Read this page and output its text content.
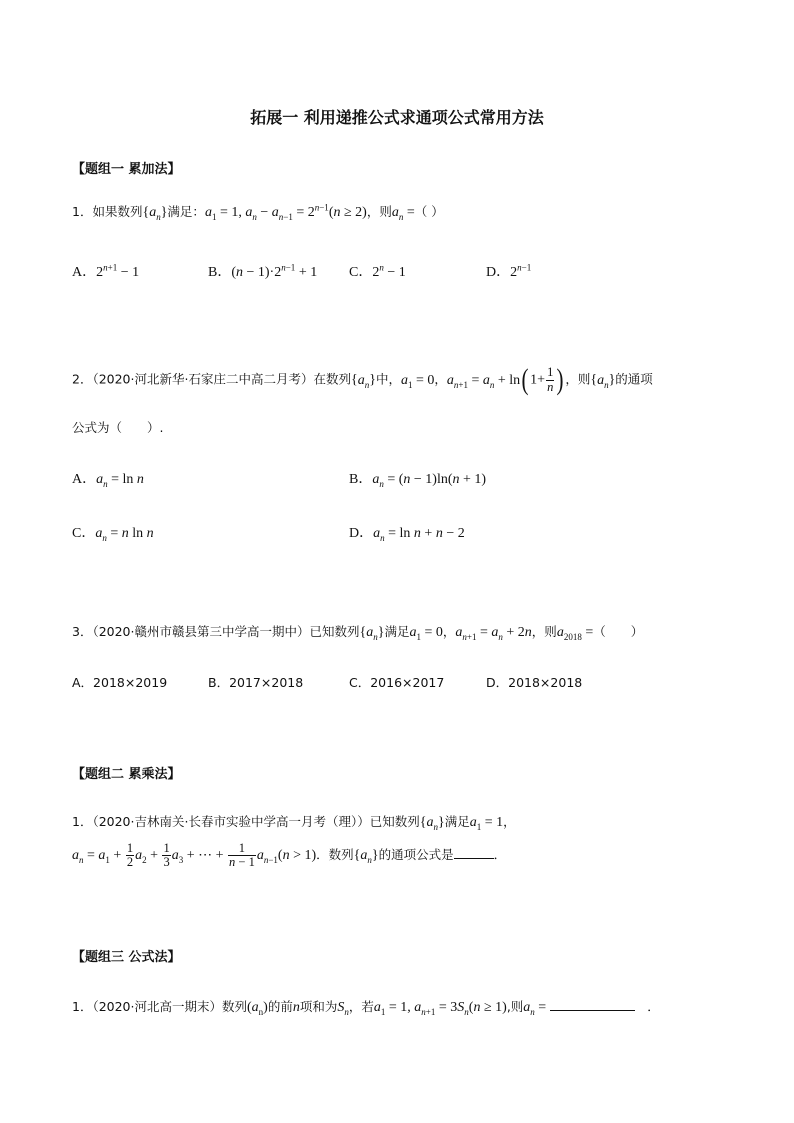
拓展一 利用递推公式求通项公式常用方法
【题组一 累加法】
1．如果数列$\{a_n\}$满足：$a_1 = 1$, $a_n - a_{n-1} = 2^{n-1}(n \ge 2)$，则$a_n$ =（ ）
A．$2^{n+1} - 1$	B．$(n - 1)\cdot 2^{n-1} + 1$ C．$2^n - 1$	D．$2^{n-1}$
2．（2020·河北新华·石家庄二中高二月考）在数列$\{a_n\}$中，$a_1 = 0$，$a_{n+1} = a_n + \ln$( $1+ \frac{1}{n}$ ) ，则$\{a_n\}$的通项
公式为（　　）.
A．$a_n = \ln n$	B．$a_n = (n - 1)\ln(n + 1)$
C．$a_n = n$ ln n	D．$a_n = \ln n + n - 2$
3．（2020·赣州市赣县第三中学高一期中）已知数列$\{a_n\}$满足$a_1 = 0$，$a_{n+1} = a_n + 2n$，则$a_{2018}$ =（　　）
A．2018×2019	B．2017×2018	C．2016×2017	D．2018×2018
【题组二 累乘法】
1．（2020·吉林南关·长春市实验中学高一月考（理））已知数列$\{a_n\}$满足$a_1 = 1$，
$a_n = a_1 + \frac{1}{2} a_2 + \frac{1}{3} a_3$ + ⋯ + $\frac{1}{n - 1} a_{n-1}(n > 1)$．数列$\{a_n\}$的通项公式是	．
【题组三 公式法】
1．（2020·河北高一期末）数列$(a_n)$的前n项和为$S_n$，若$a_1 = 1$, $a_{n+1} = 3S_n(n \ge 1)$,则$a_n$ =	　．
